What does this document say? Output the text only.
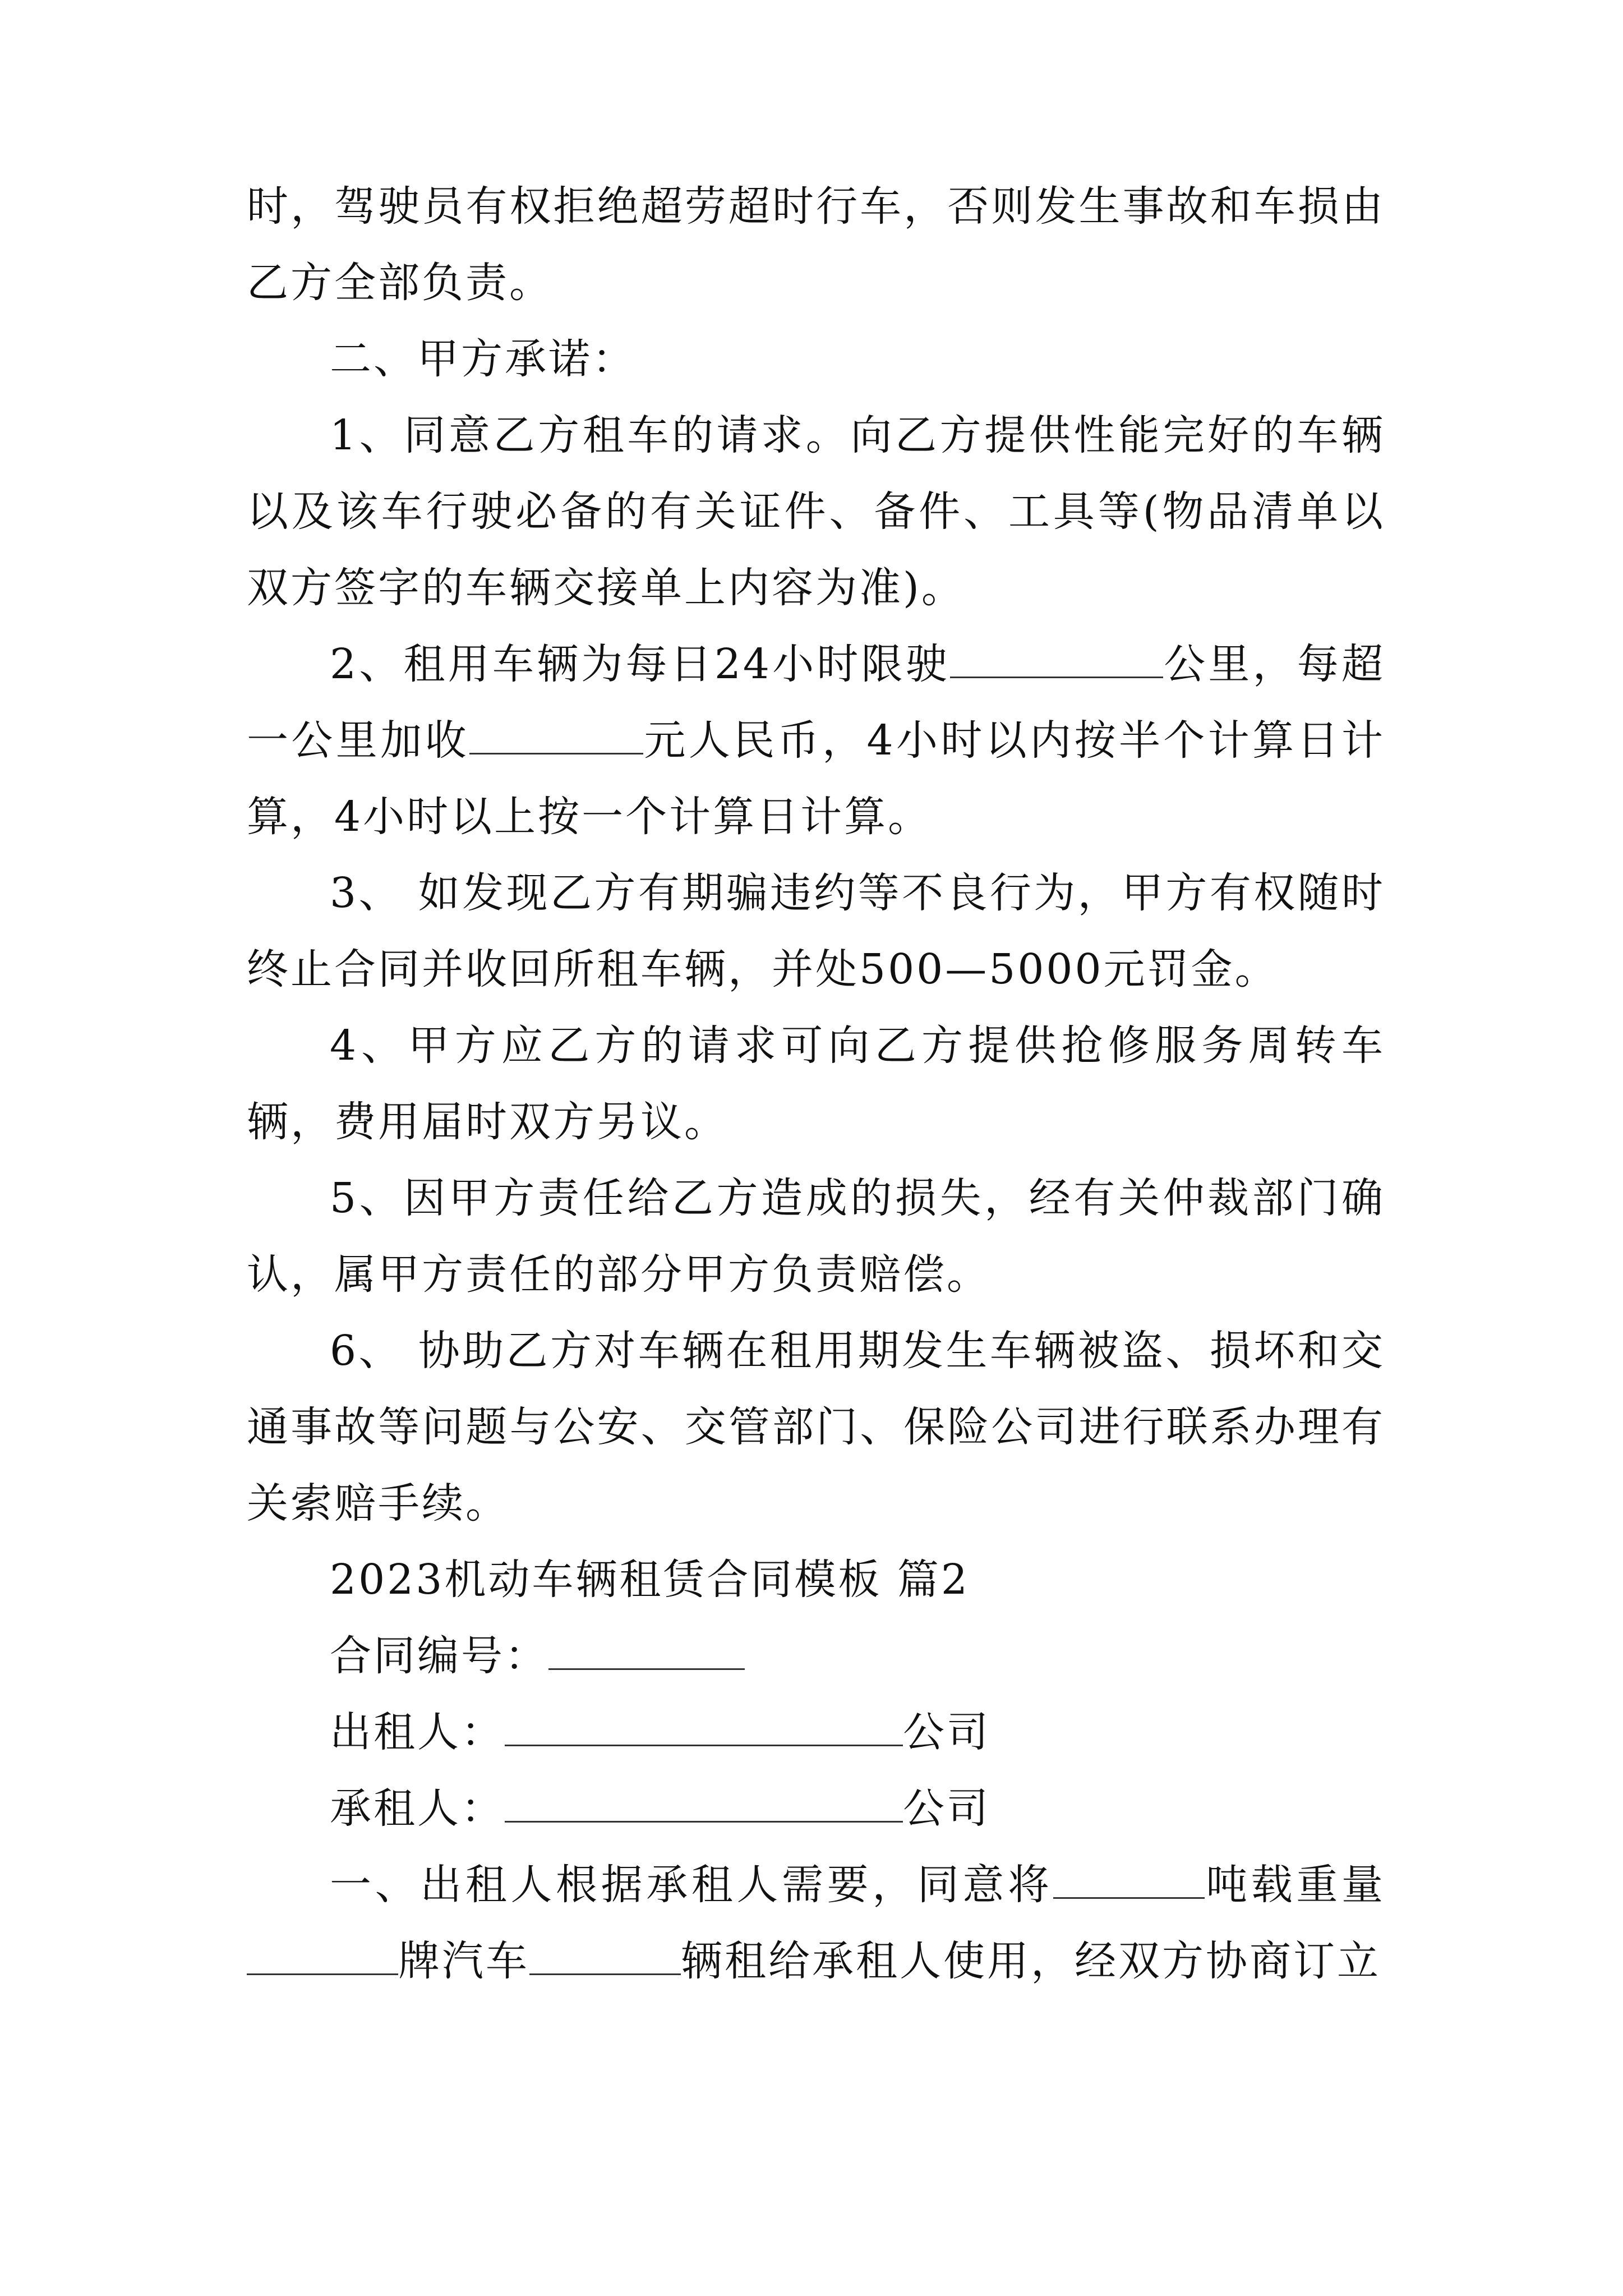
时，驾驶员有权拒绝超劳超时行车，否则发生事故和车损由乙方全部负责。

二、甲方承诺：

1、同意乙方租车的请求。向乙方提供性能完好的车辆以及该车行驶必备的有关证件、备件、工具等(物品清单以双方签字的车辆交接单上内容为准)。

2、租用车辆为每日24小时限驶	公里，每超一公里加收	元人民币，4小时以内按半个计算日计算，4小时以上按一个计算日计算。

3、 如发现乙方有期骗违约等不良行为，甲方有权随时终止合同并收回所租车辆，并处500—5000元罚金。

4、甲方应乙方的请求可向乙方提供抢修服务周转车辆，费用届时双方另议。

5、因甲方责任给乙方造成的损失，经有关仲裁部门确认，属甲方责任的部分甲方负责赔偿。

6、 协助乙方对车辆在租用期发生车辆被盗、损坏和交通事故等问题与公安、交管部门、保险公司进行联系办理有关索赔手续。

2023机动车辆租赁合同模板 篇2

合同编号：

出租人：	公司

承租人：	公司

一、出租人根据承租人需要，同意将	吨载重量牌汽车	辆租给承租人使用，经双方协商订立
